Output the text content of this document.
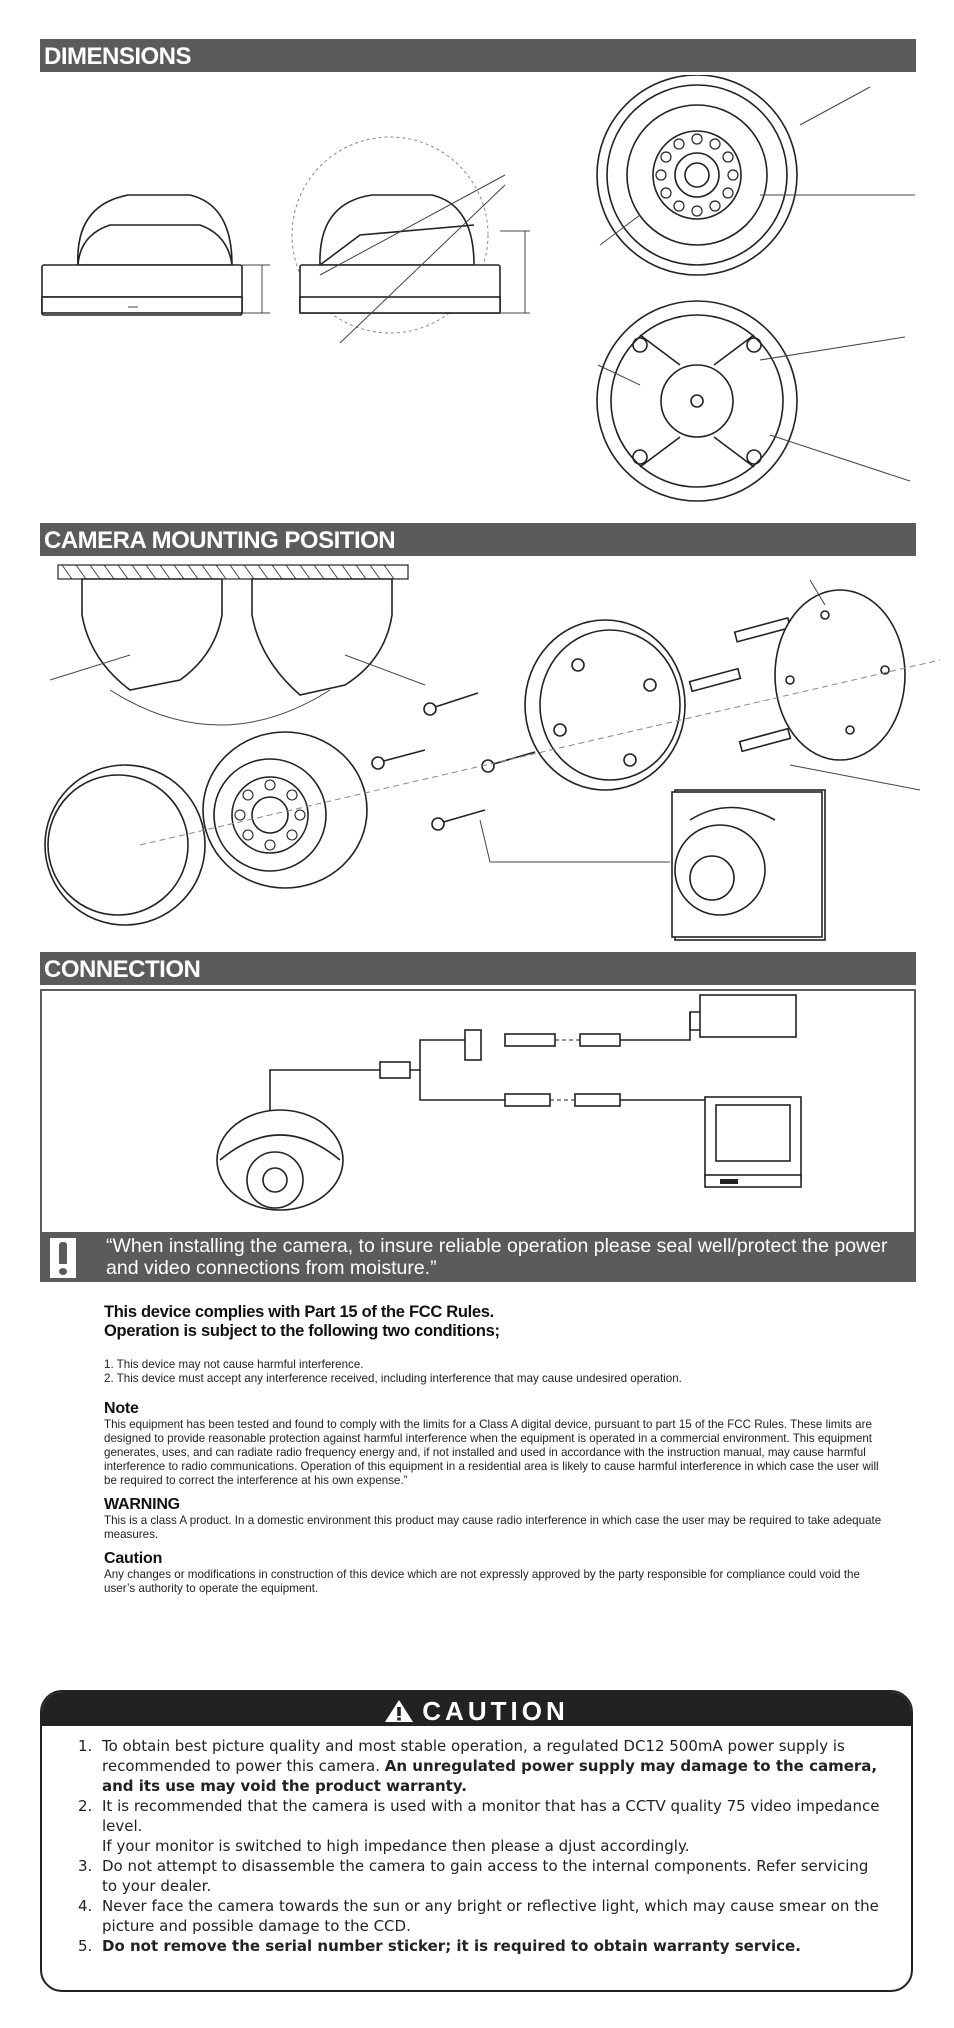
DIMENSIONS
CAMERA MOUNTING POSITION
CONNECTION
“When installing the camera, to insure reliable operation please seal well/protect the power and video connections from moisture.”
This device complies with Part 15 of the FCC Rules.
Operation is subject to the following two conditions;
1. This device may not cause harmful interference.
2. This device must accept any interference received, including interference that may cause undesired operation.
Note
This equipment has been tested and found to comply with the limits for a Class A digital device, pursuant to part 15 of the FCC Rules. These limits are designed to provide reasonable protection against harmful interference when the equipment is operated in a commercial environment. This equipment generates, uses, and can radiate radio frequency energy and, if not installed and used in accordance with the instruction manual, may cause harmful interference to radio communications. Operation of this equipment in a residential area is likely to cause harmful interference in which case the user will be required to correct the interference at his own expense.”
WARNING
This is a class A product. In a domestic environment this product may cause radio interference in which case the user may be required to take adequate measures.
Caution
Any changes or modifications in construction of this device which are not expressly approved by the party responsible for compliance could void the user’s authority to operate the equipment.
CAUTION
1. To obtain best picture quality and most stable operation, a regulated DC12 500mA power supply is recommended to power this camera. An unregulated power supply may damage to the camera, and its use may void the product warranty.
2. It is recommended that the camera is used with a monitor that has a CCTV quality 75 video impedance level.
If your monitor is switched to high impedance then please a djust accordingly.
3. Do not attempt to disassemble the camera to gain access to the internal components. Refer servicing to your dealer.
4. Never face the camera towards the sun or any bright or reflective light, which may cause smear on the picture and possible damage to the CCD.
5. Do not remove the serial number sticker; it is required to obtain warranty service.
